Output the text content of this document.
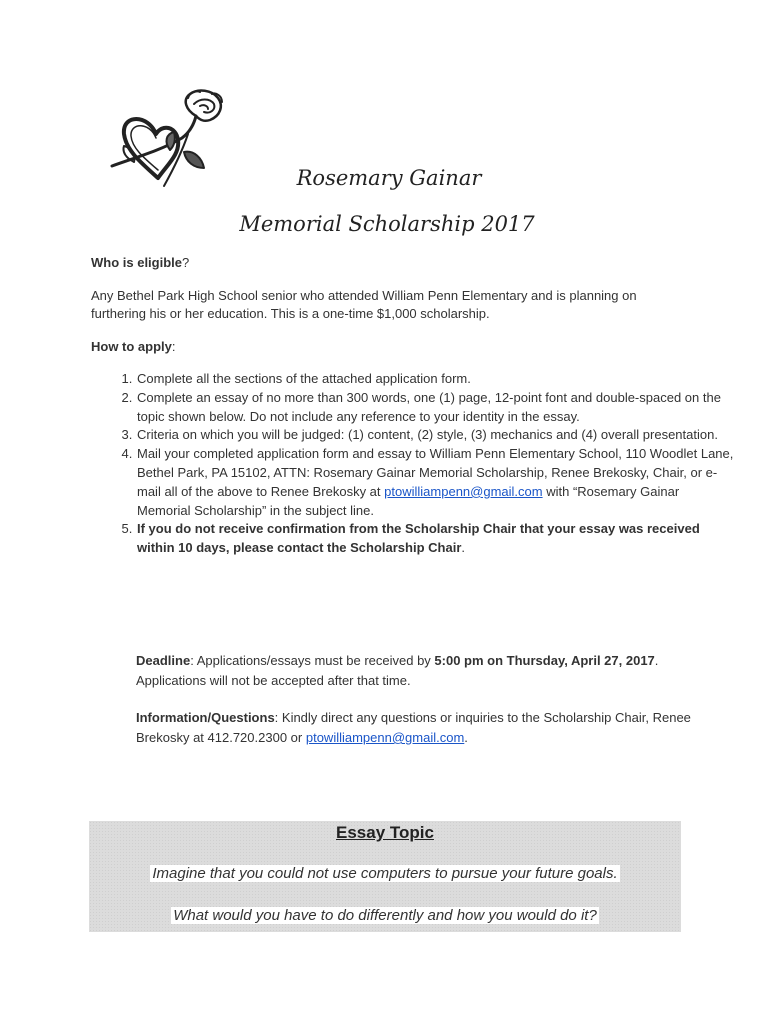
Rosemary Gainar
Memorial Scholarship 2017
Who is eligible?
Any Bethel Park High School senior who attended William Penn Elementary and is planning on furthering his or her education. This is a one-time $1,000 scholarship.
How to apply:
1. Complete all the sections of the attached application form.
2. Complete an essay of no more than 300 words, one (1) page, 12-point font and double-spaced on the topic shown below. Do not include any reference to your identity in the essay.
3. Criteria on which you will be judged: (1) content, (2) style, (3) mechanics and (4) overall presentation.
4. Mail your completed application form and essay to William Penn Elementary School, 110 Woodlet Lane, Bethel Park, PA 15102, ATTN: Rosemary Gainar Memorial Scholarship, Renee Brekosky, Chair, or e-mail all of the above to Renee Brekosky at ptowilliampenn@gmail.com with “Rosemary Gainar Memorial Scholarship” in the subject line.
5. If you do not receive confirmation from the Scholarship Chair that your essay was received within 10 days, please contact the Scholarship Chair.
Deadline: Applications/essays must be received by 5:00 pm on Thursday, April 27, 2017. Applications will not be accepted after that time.
Information/Questions: Kindly direct any questions or inquiries to the Scholarship Chair, Renee Brekosky at 412.720.2300 or ptowilliampenn@gmail.com.
Essay Topic
Imagine that you could not use computers to pursue your future goals.
What would you have to do differently and how you would do it?
